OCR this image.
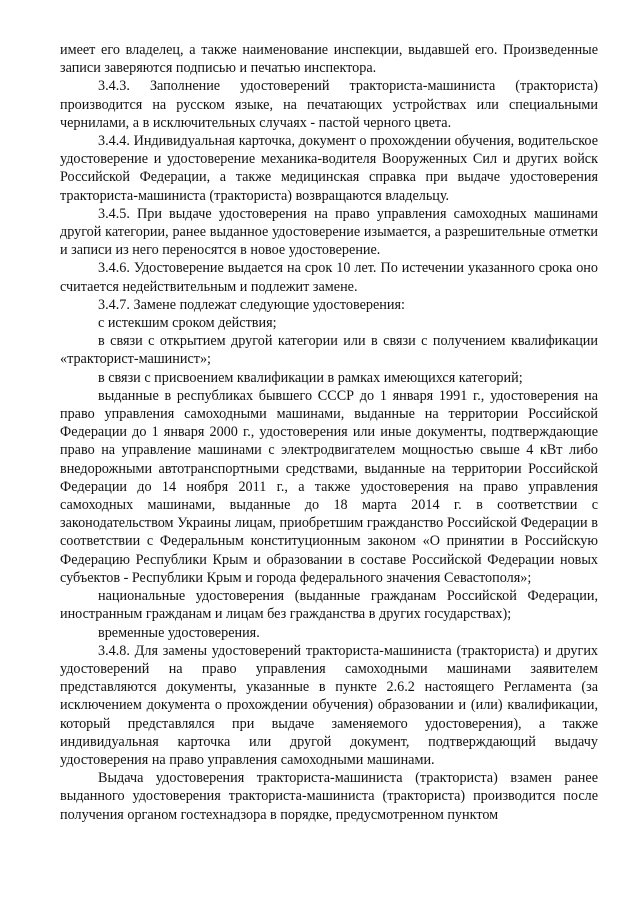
имеет его владелец, а также наименование инспекции, выдавшей его. Произведенные записи заверяются подписью и печатью инспектора.

3.4.3. Заполнение удостоверений тракториста-машиниста (тракториста) производится на русском языке, на печатающих устройствах или специальными чернилами, а в исключительных случаях - пастой черного цвета.

3.4.4. Индивидуальная карточка, документ о прохождении обучения, водительское удостоверение и удостоверение механика-водителя Вооруженных Сил и других войск Российской Федерации, а также медицинская справка при выдаче удостоверения тракториста-машиниста (тракториста) возвращаются владельцу.

3.4.5. При выдаче удостоверения на право управления самоходных машинами другой категории, ранее выданное удостоверение изымается, а разрешительные отметки и записи из него переносятся в новое удостоверение.

3.4.6. Удостоверение выдается на срок 10 лет. По истечении указанного срока оно считается недействительным и подлежит замене.

3.4.7. Замене подлежат следующие удостоверения:

с истекшим сроком действия;

в связи с открытием другой категории или в связи с получением квалификации «тракторист-машинист»;

в связи с присвоением квалификации в рамках имеющихся категорий;

выданные в республиках бывшего СССР до 1 января 1991 г., удостоверения на право управления самоходными машинами, выданные на территории Российской Федерации до 1 января 2000 г., удостоверения или иные документы, подтверждающие право на управление машинами с электродвигателем мощностью свыше 4 кВт либо внедорожными автотранспортными средствами, выданные на территории Российской Федерации до 14 ноября 2011 г., а также удостоверения на право управления самоходных машинами, выданные до 18 марта 2014 г. в соответствии с законодательством Украины лицам, приобретшим гражданство Российской Федерации в соответствии с Федеральным конституционным законом «О принятии в Российскую Федерацию Республики Крым и образовании в составе Российской Федерации новых субъектов - Республики Крым и города федерального значения Севастополя»;

национальные удостоверения (выданные гражданам Российской Федерации, иностранным гражданам и лицам без гражданства в других государствах);

временные удостоверения.

3.4.8. Для замены удостоверений тракториста-машиниста (тракториста) и других удостоверений на право управления самоходными машинами заявителем представляются документы, указанные в пункте 2.6.2 настоящего Регламента (за исключением документа о прохождении обучения) образовании и (или) квалификации, который представлялся при выдаче заменяемого удостоверения), а также индивидуальная карточка или другой документ, подтверждающий выдачу удостоверения на право управления самоходными машинами.

Выдача удостоверения тракториста-машиниста (тракториста) взамен ранее выданного удостоверения тракториста-машиниста (тракториста) производится после получения органом гостехнадзора в порядке, предусмотренном пунктом
